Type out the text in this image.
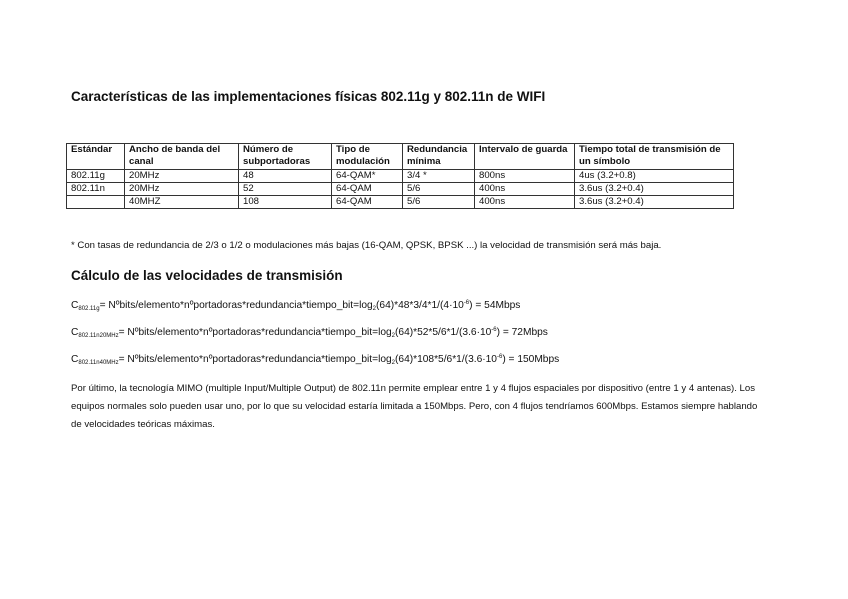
Características de las implementaciones físicas 802.11g y 802.11n de WIFI
Estándar	Ancho de banda del canal	Número de subportadoras	Tipo de modulación	Redundancia mínima	Intervalo de guarda	Tiempo total de transmisión de un símbolo
802.11g	20MHz	48	64-QAM*	3/4 *	800ns	4us (3.2+0.8)
802.11n	20MHz	52	64-QAM	5/6	400ns	3.6us (3.2+0.4)
	40MHZ	108	64-QAM	5/6	400ns	3.6us (3.2+0.4)
* Con tasas de redundancia de 2/3 o 1/2 o modulaciones más bajas (16-QAM, QPSK, BPSK ...) la velocidad de transmisión será más baja.
Cálculo de las velocidades de transmisión
$C_{802.11g}=$ Nºbits/$elemento*nºportadoras*redundancia*tiempo\_bit=\log_2(64)*48*3/4*1/(4\cdot 10^{-6})$ = 54Mbps
$C_{802.11n20MHz}=$ Nºbits/$elemento*nºportadoras*redundancia*tiempo\_bit=\log_2(64)*52*5/6*1/(3.6\cdot 10^{-6})$ = 72Mbps
$C_{802.11n40MHz}=$ Nºbits/$elemento*nºportadoras*redundancia*tiempo\_bit=\log_2(64)*108*5/6*1/(3.6\cdot 10^{-6})$ = 150Mbps
Por último, la tecnología MIMO (multiple Input/Multiple Output) de 802.11n permite emplear entre 1 y 4 flujos espaciales por dispositivo (entre 1 y 4 antenas). Los equipos normales solo pueden usar uno, por lo que su velocidad estaría limitada a 150Mbps. Pero, con 4 flujos tendríamos 600Mbps. Estamos siempre hablando de velocidades teóricas máximas.
